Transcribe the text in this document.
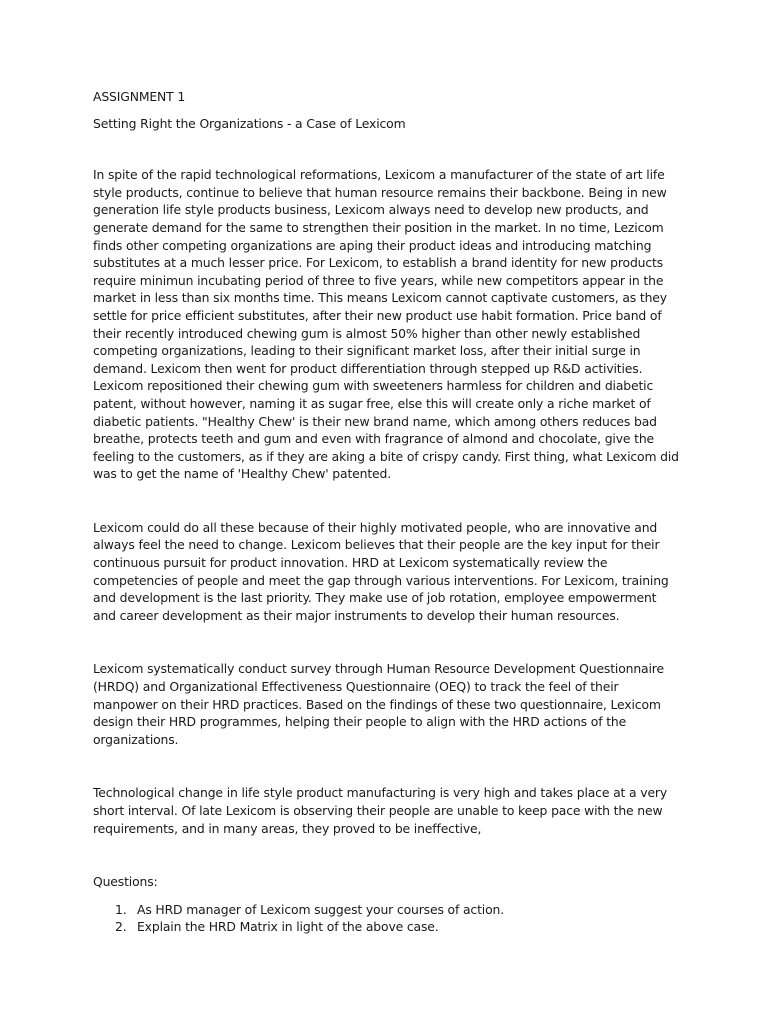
ASSIGNMENT 1

Setting Right the Organizations - a Case of Lexicom

In spite of the rapid technological reformations, Lexicom a manufacturer of the state of art life style products, continue to believe that human resource remains their backbone. Being in new generation life style products business, Lexicom always need to develop new products, and generate demand for the same to strengthen their position in the market. In no time, Lezicom finds other competing organizations are aping their product ideas and introducing matching substitutes at a much lesser price. For Lexicom, to establish a brand identity for new products require minimun incubating period of three to five years, while new competitors appear in the market in less than six months time. This means Lexicom cannot captivate customers, as they settle for price efficient substitutes, after their new product use habit formation. Price band of their recently introduced chewing gum is almost 50% higher than other newly established competing organizations, leading to their significant market loss, after their initial surge in demand. Lexicom then went for product differentiation through stepped up R&D activities. Lexicom repositioned their chewing gum with sweeteners harmless for children and diabetic patent, without however, naming it as sugar free, else this will create only a riche market of diabetic patients. "Healthy Chew' is their new brand name, which among others reduces bad breathe, protects teeth and gum and even with fragrance of almond and chocolate, give the feeling to the customers, as if they are aking a bite of crispy candy. First thing, what Lexicom did was to get the name of 'Healthy Chew' patented.

Lexicom could do all these because of their highly motivated people, who are innovative and always feel the need to change. Lexicom believes that their people are the key input for their continuous pursuit for product innovation. HRD at Lexicom systematically review the competencies of people and meet the gap through various interventions. For Lexicom, training and development is the last priority. They make use of job rotation, employee empowerment and career development as their major instruments to develop their human resources.

Lexicom systematically conduct survey through Human Resource Development Questionnaire (HRDQ) and Organizational Effectiveness Questionnaire (OEQ) to track the feel of their manpower on their HRD practices. Based on the findings of these two questionnaire, Lexicom design their HRD programmes, helping their people to align with the HRD actions of the organizations.

Technological change in life style product manufacturing is very high and takes place at a very short interval. Of late Lexicom is observing their people are unable to keep pace with the new requirements, and in many areas, they proved to be ineffective,

Questions:

1. As HRD manager of Lexicom suggest your courses of action.
2. Explain the HRD Matrix in light of the above case.
